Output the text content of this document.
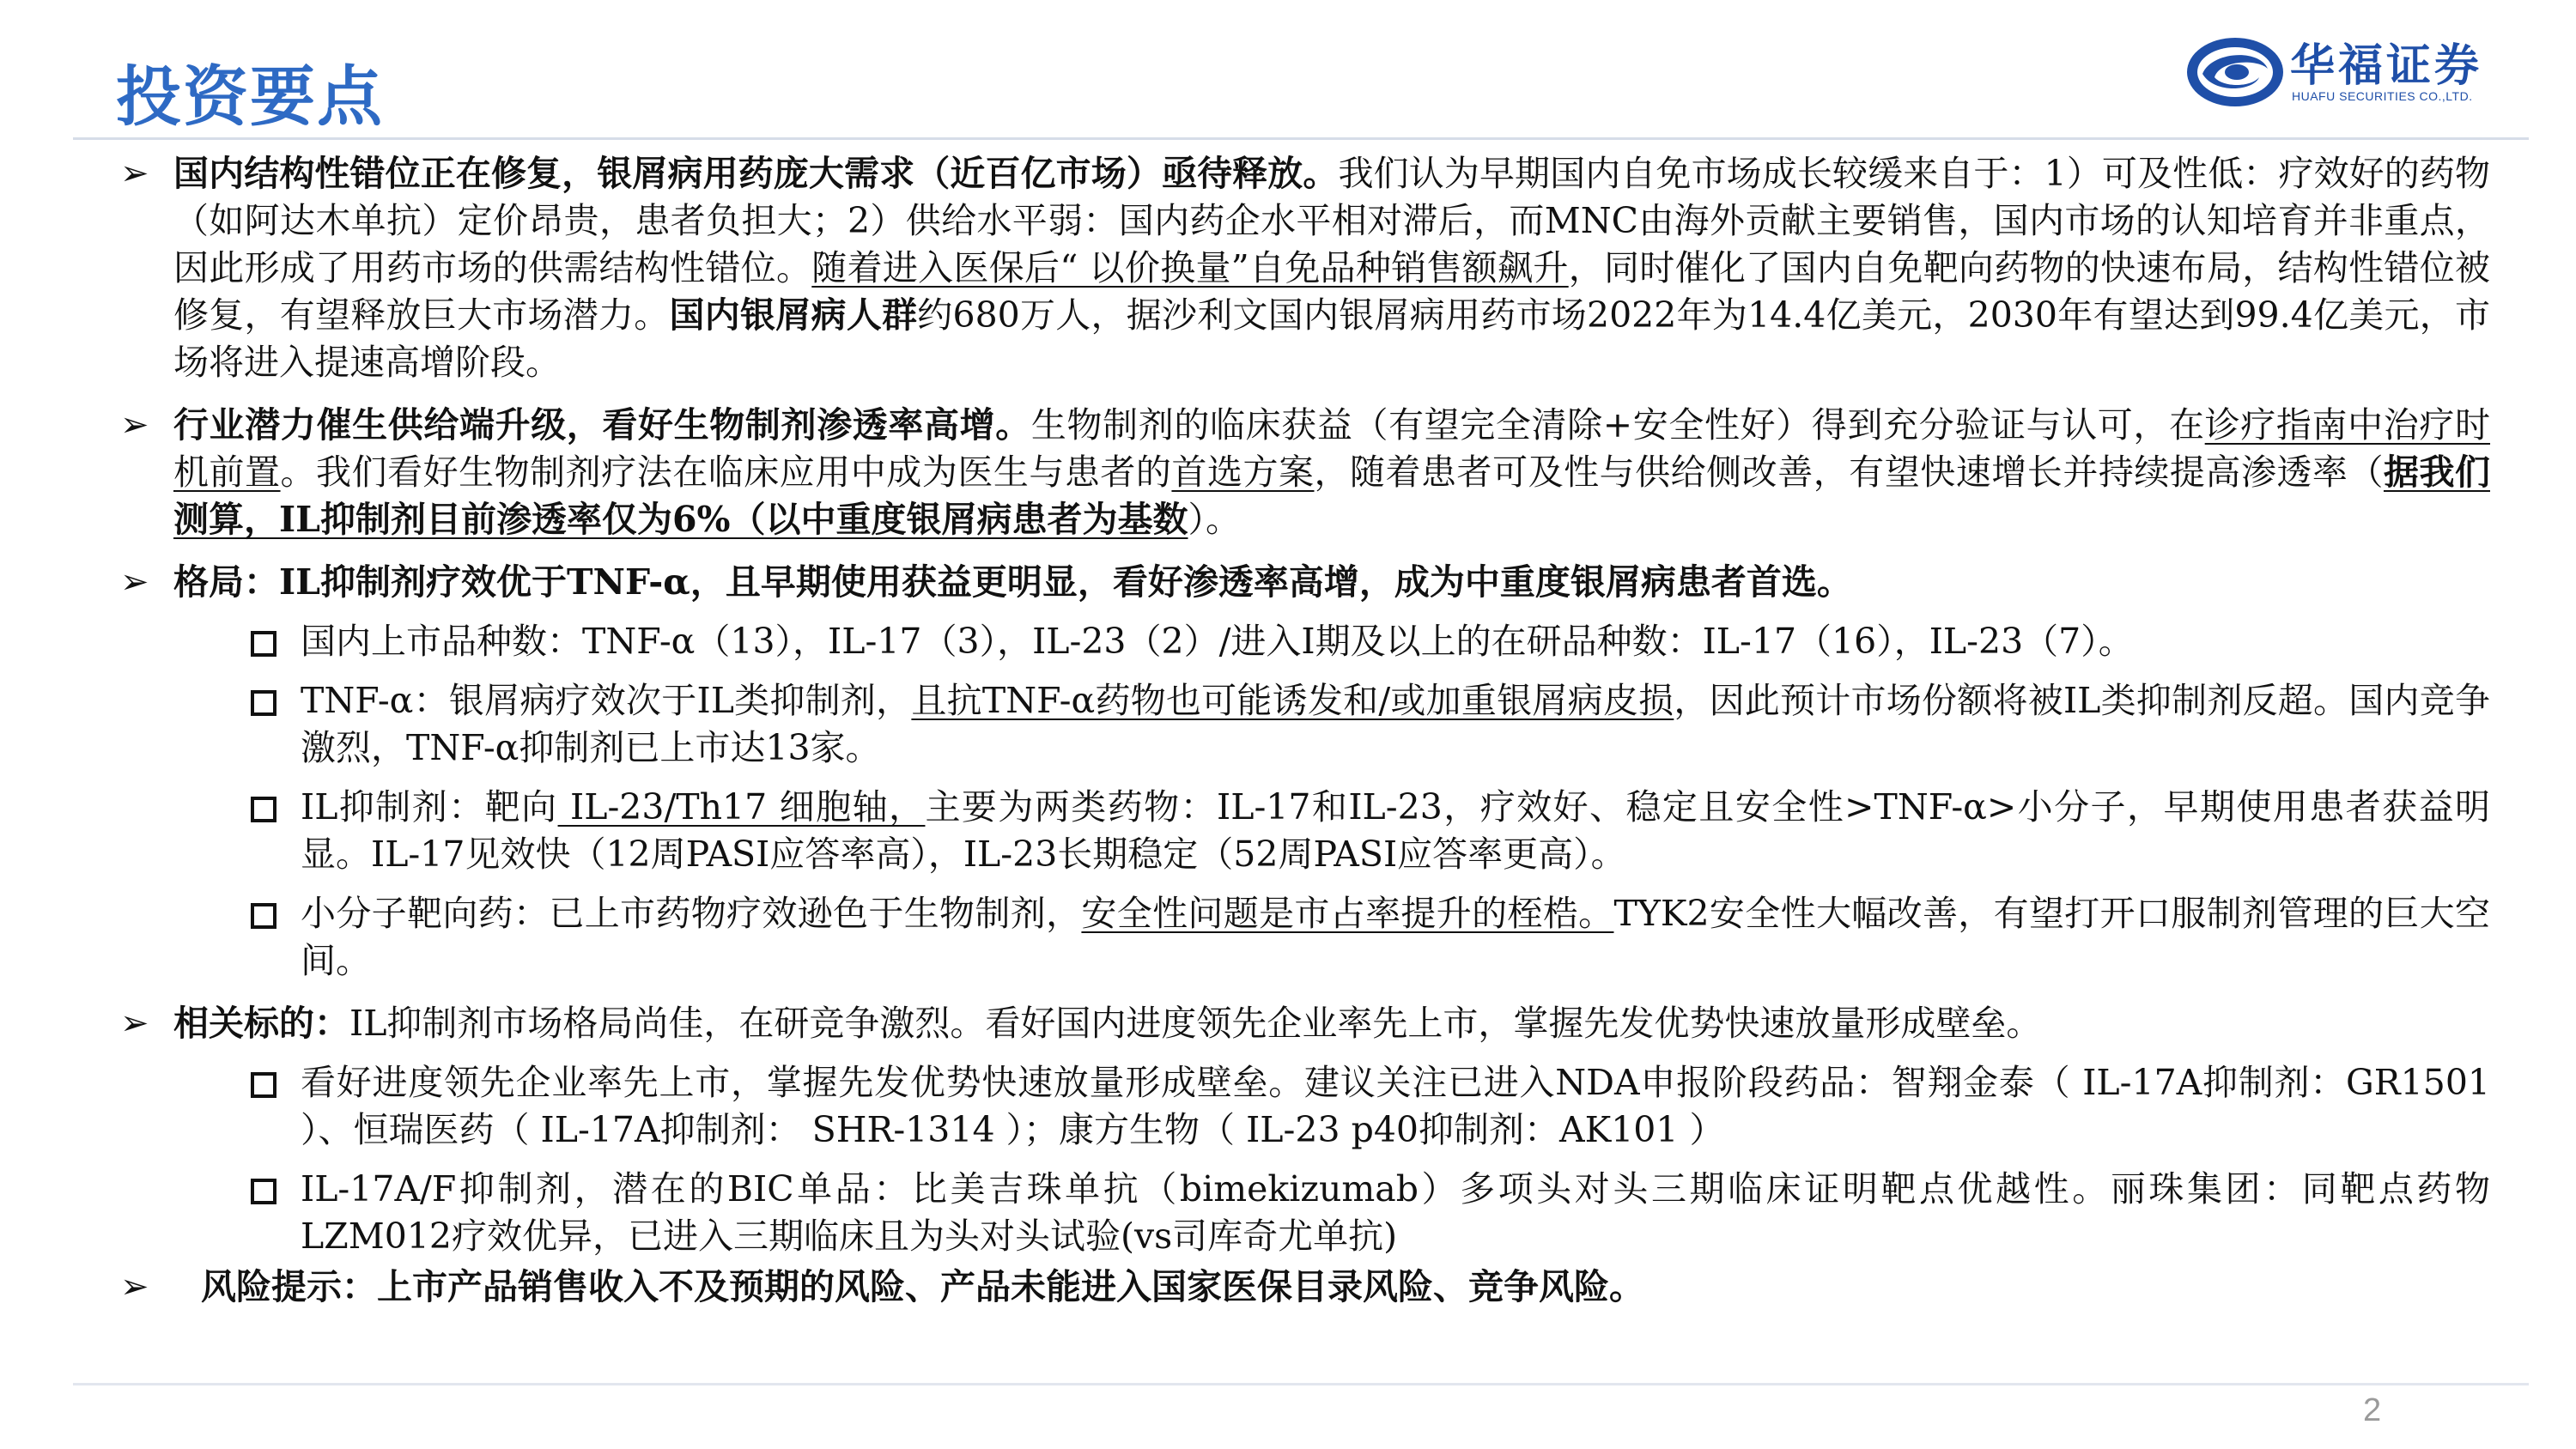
投资要点	华福证券
HUAFU SECURITIES CO.,LTD.
➢ 国内结构性错位正在修复，银屑病用药庞大需求（近百亿市场）亟待释放。我们认为早期国内自免市场成长较缓来自于：1）可及性低：疗效好的药物（如阿达木单抗）定价昂贵，患者负担大；2）供给水平弱：国内药企水平相对滞后，而MNC由海外贡献主要销售，国内市场的认知培育并非重点，因此形成了用药市场的供需结构性错位。随着进入医保后“ 以价换量”自免品种销售额飙升，同时催化了国内自免靶向药物的快速布局，结构性错位被修复，有望释放巨大市场潜力。国内银屑病人群约680万人，据沙利文国内银屑病用药市场2022年为14.4亿美元，2030年有望达到99.4亿美元，市场将进入提速高增阶段。
➢ 行业潜力催生供给端升级，看好生物制剂渗透率高增。生物制剂的临床获益（有望完全清除+安全性好）得到充分验证与认可，在诊疗指南中治疗时机前置。我们看好生物制剂疗法在临床应用中成为医生与患者的首选方案，随着患者可及性与供给侧改善，有望快速增长并持续提高渗透率（据我们测算，IL抑制剂目前渗透率仅为6%（以中重度银屑病患者为基数）。
➢ 格局：IL抑制剂疗效优于TNF-α，且早期使用获益更明显，看好渗透率高增，成为中重度银屑病患者首选。
国内上市品种数：TNF-α（13），IL-17（3），IL-23（2）/进入I期及以上的在研品种数：IL-17（16），IL-23（7）。
TNF-α：银屑病疗效次于IL类抑制剂，且抗TNF-α药物也可能诱发和/或加重银屑病皮损，因此预计市场份额将被IL类抑制剂反超。国内竞争激烈，TNF-α抑制剂已上市达13家。
IL抑制剂：靶向 IL-23/Th17 细胞轴，主要为两类药物：IL-17和IL-23，疗效好、稳定且安全性>TNF-α>小分子，早期使用患者获益明显。IL-17见效快（12周PASI应答率高），IL-23长期稳定（52周PASI应答率更高）。
小分子靶向药：已上市药物疗效逊色于生物制剂，安全性问题是市占率提升的桎梏。TYK2安全性大幅改善，有望打开口服制剂管理的巨大空间。
➢ 相关标的：IL抑制剂市场格局尚佳，在研竞争激烈。看好国内进度领先企业率先上市，掌握先发优势快速放量形成壁垒。
看好进度领先企业率先上市，掌握先发优势快速放量形成壁垒。建议关注已进入NDA申报阶段药品：智翔金泰（ IL-17A抑制剂：GR1501 ）、恒瑞医药（ IL-17A抑制剂： SHR-1314 ）；康方生物（ IL-23 p40抑制剂：AK101 ）
IL-17A/F抑制剂，潜在的BIC单品：比美吉珠单抗（bimekizumab）多项头对头三期临床证明靶点优越性。丽珠集团：同靶点药物LZM012疗效优异，已进入三期临床且为头对头试验(vs司库奇尤单抗)
➢ 风险提示：上市产品销售收入不及预期的风险、产品未能进入国家医保目录风险、竞争风险。
2
